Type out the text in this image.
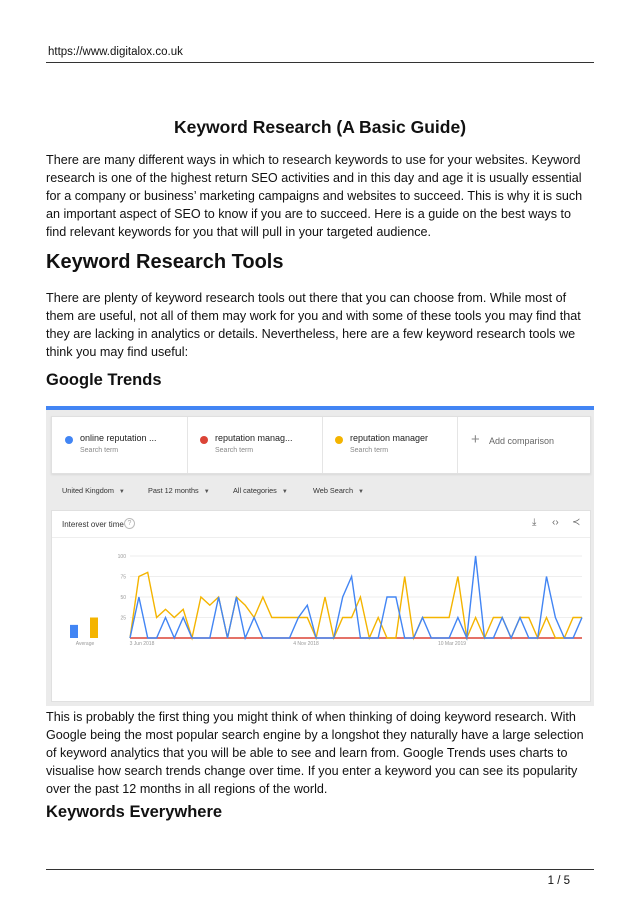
https://www.digitalox.co.uk
Keyword Research (A Basic Guide)

There are many different ways in which to research keywords to use for your websites. Keyword research is one of the highest return SEO activities and in this day and age it is usually essential for a company or business’ marketing campaigns and websites to succeed. This is why it is such an important aspect of SEO to know if you are to succeed. Here is a guide on the best ways to find relevant keywords for you that will pull in your targeted audience.

Keyword Research Tools

There are plenty of keyword research tools out there that you can choose from. While most of them are useful, not all of them may work for you and with some of these tools you may find that they are lacking in analytics or details. Nevertheless, here are a few keyword research tools we think you may find useful:

Google Trends
online reputation ...
Search term
reputation manag...
Search term
reputation manager
Search term
+ Add comparison
United Kingdom ▼	Past 12 months ▼	All categories ▼	Web Search ▼
Interest over time ?	⤓ ‹› ≺
100
75
50
25
Average	3 Jun 2018	4 Nov 2018	10 Mar 2019

This is probably the first thing you might think of when thinking of doing keyword research. With Google being the most popular search engine by a longshot they naturally have a large selection of keyword analytics that you will be able to see and learn from. Google Trends uses charts to visualise how search trends change over time. If you enter a keyword you can see its popularity over the past 12 months in all regions of the world.

Keywords Everywhere
1 / 5
